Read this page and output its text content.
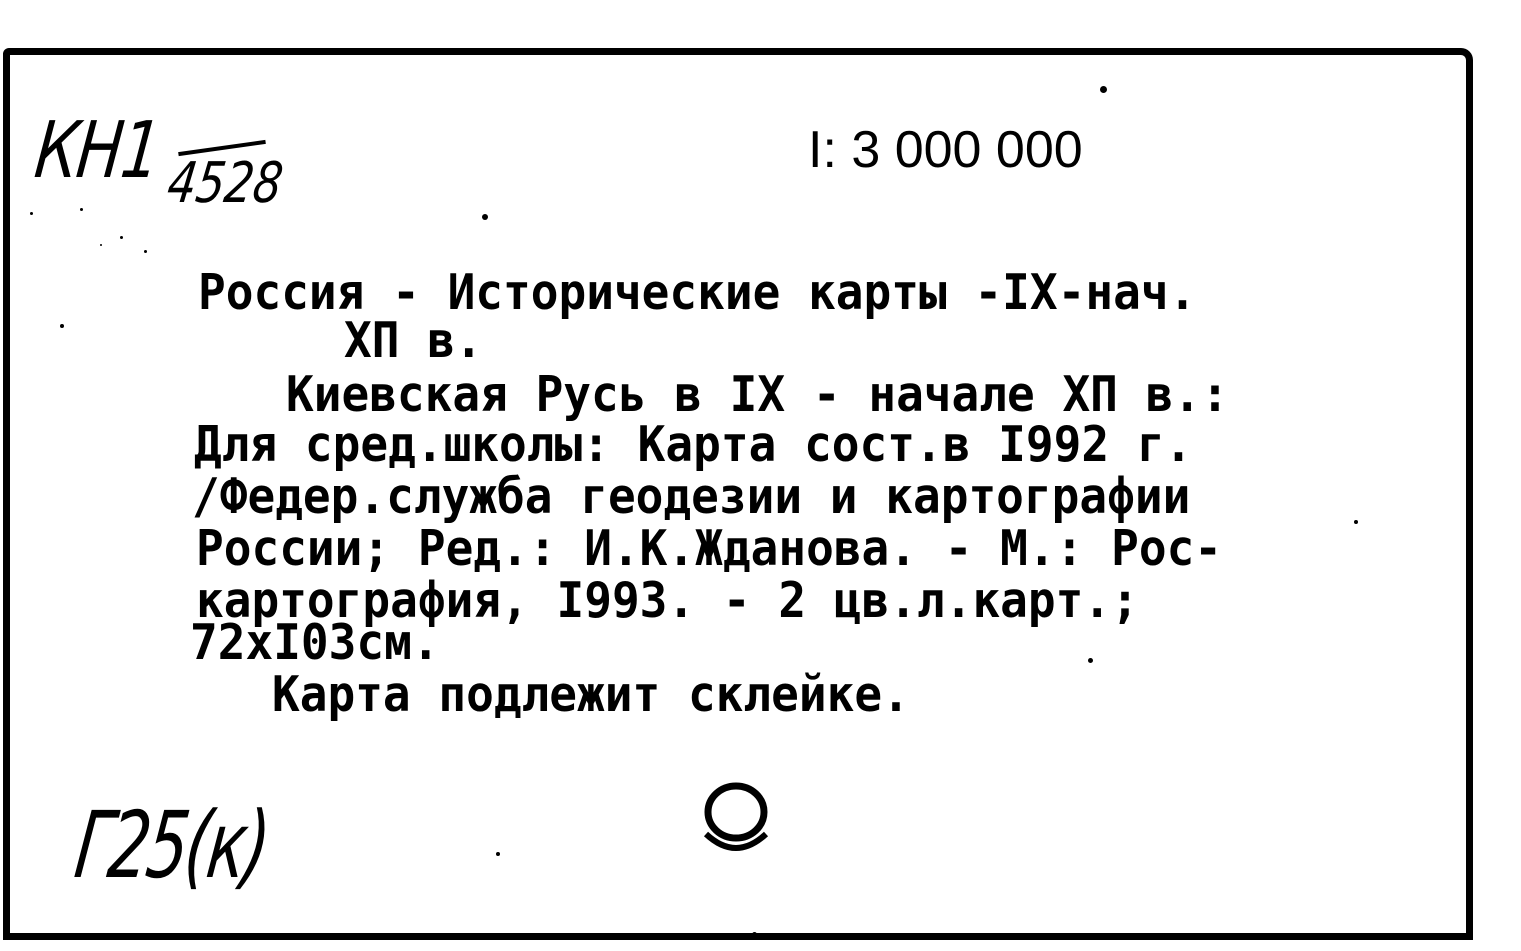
КН1 4528
I: 3 000 000
Россия - Исторические карты -IX-нач.
XП в.
Киевская Русь в IX - начале XП в.:
Для сред.школы: Карта сост.в I992 г.
/Федер.служба геодезии и картографии
России; Ред.: И.К.Жданова. - М.: Рос-
картография, I993. - 2 цв.л.карт.;
72xI03см.
Карта подлежит склейке.
Г25(к)
